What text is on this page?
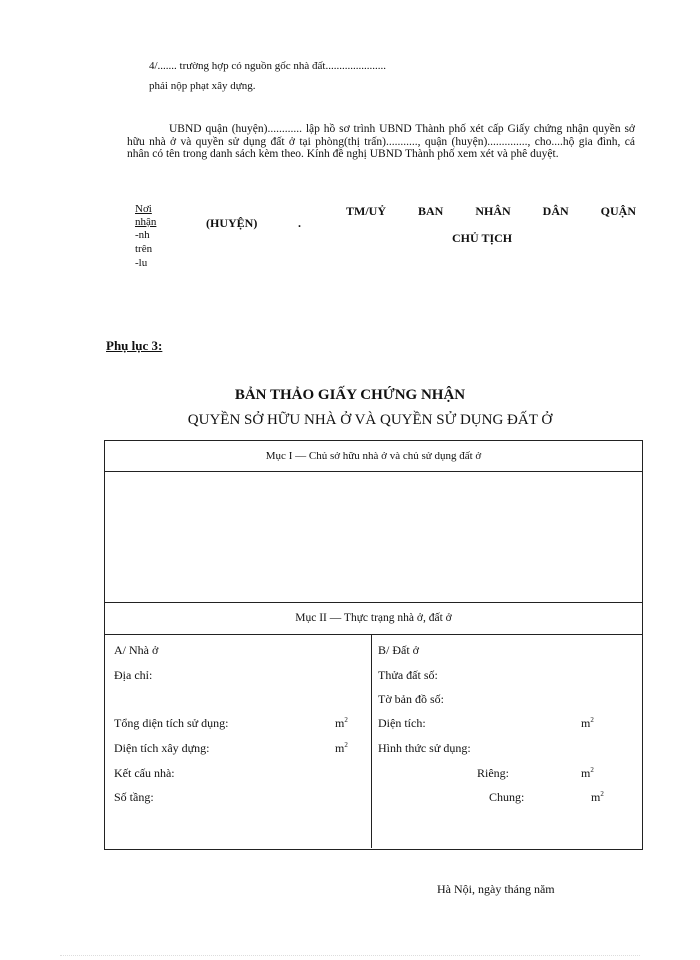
4/....... trường hợp có nguồn gốc nhà đất......................
phải nộp phạt xây dựng.
UBND quận (huyện)............ lập hồ sơ trình UBND Thành phố xét cấp Giấy chứng nhận quyền sở hữu nhà ở và quyền sử dụng đất ở tại phòng(thị trấn)..........., quận (huyện).............., cho....hộ gia đình, cá nhân có tên trong danh sách kèm theo. Kính đề nghị UBND Thành phố xem xét và phê duyệt.
Nơi
nhận
-nh
trên
-lu
TM/UỶ BAN NHÂN DÂN QUẬN
(HUYỆN)	.
CHỦ TỊCH
Phụ lục 3:
BẢN THẢO GIẤY CHỨNG NHẬN
QUYỀN SỞ HỮU NHÀ Ở VÀ QUYỀN SỬ DỤNG ĐẤT Ở
Mục I — Chủ sở hữu nhà ở và chủ sử dụng đất ở
Mục II — Thực trạng nhà ở, đất ở
A/ Nhà ở
Địa chỉ:
Tổng diện tích sử dụng:	$m^2$
Diện tích xây dựng:	$m^2$
Kết cấu nhà:
Số tầng:
B/ Đất ở
Thửa đất số:
Tờ bản đồ số:
Diện tích:	$m^2$
Hình thức sử dụng:
Riêng:	$m^2$
Chung:	$m^2$
Hà Nội, ngày tháng năm
